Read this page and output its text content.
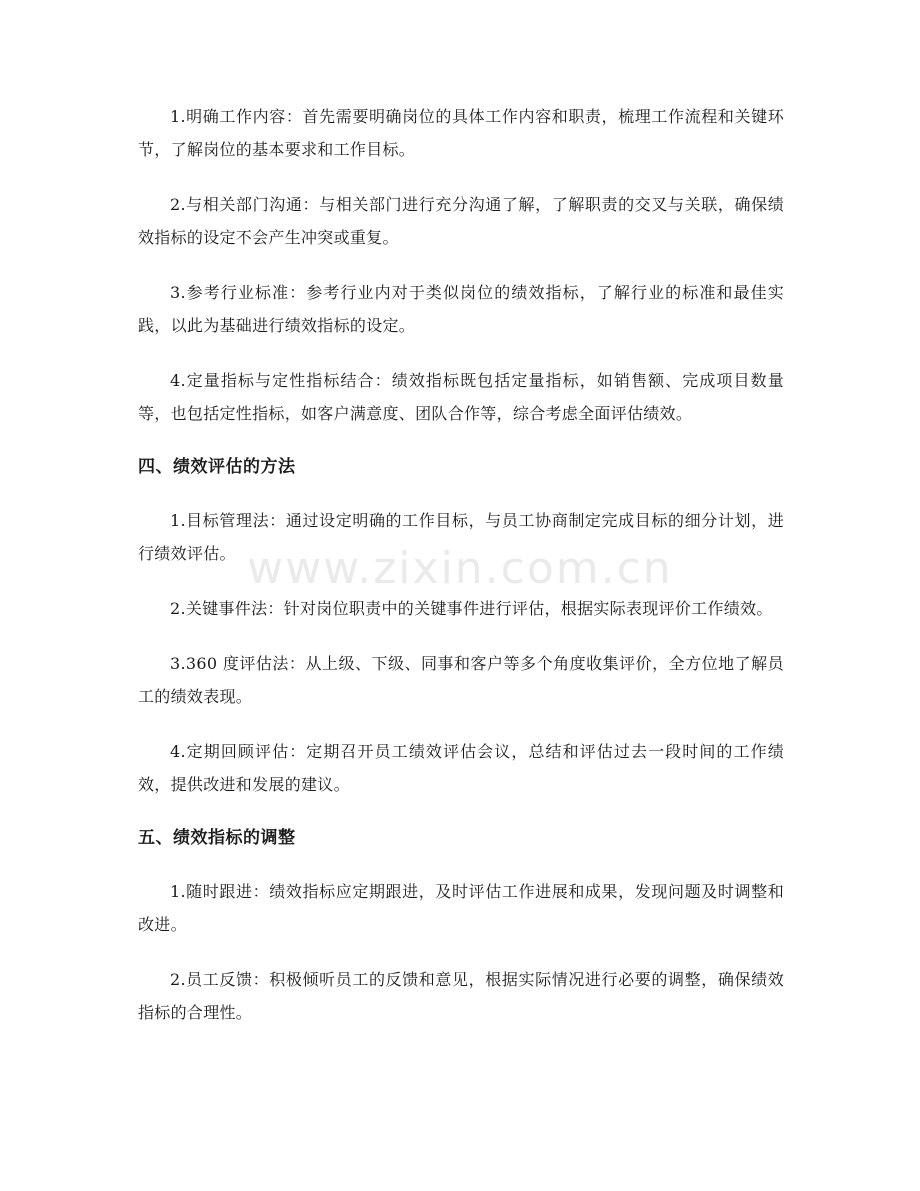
1.明确工作内容：首先需要明确岗位的具体工作内容和职责，梳理工作流程和关键环节，了解岗位的基本要求和工作目标。

2.与相关部门沟通：与相关部门进行充分沟通了解，了解职责的交叉与关联，确保绩效指标的设定不会产生冲突或重复。

3.参考行业标准：参考行业内对于类似岗位的绩效指标，了解行业的标准和最佳实践，以此为基础进行绩效指标的设定。

4.定量指标与定性指标结合：绩效指标既包括定量指标，如销售额、完成项目数量等，也包括定性指标，如客户满意度、团队合作等，综合考虑全面评估绩效。

四、绩效评估的方法

1.目标管理法：通过设定明确的工作目标，与员工协商制定完成目标的细分计划，进行绩效评估。

2.关键事件法：针对岗位职责中的关键事件进行评估，根据实际表现评价工作绩效。

3.360 度评估法：从上级、下级、同事和客户等多个角度收集评价，全方位地了解员工的绩效表现。

4.定期回顾评估：定期召开员工绩效评估会议，总结和评估过去一段时间的工作绩效，提供改进和发展的建议。

五、绩效指标的调整

1.随时跟进：绩效指标应定期跟进，及时评估工作进展和成果，发现问题及时调整和改进。

2.员工反馈：积极倾听员工的反馈和意见，根据实际情况进行必要的调整，确保绩效指标的合理性。

www.zixin.com.cn
